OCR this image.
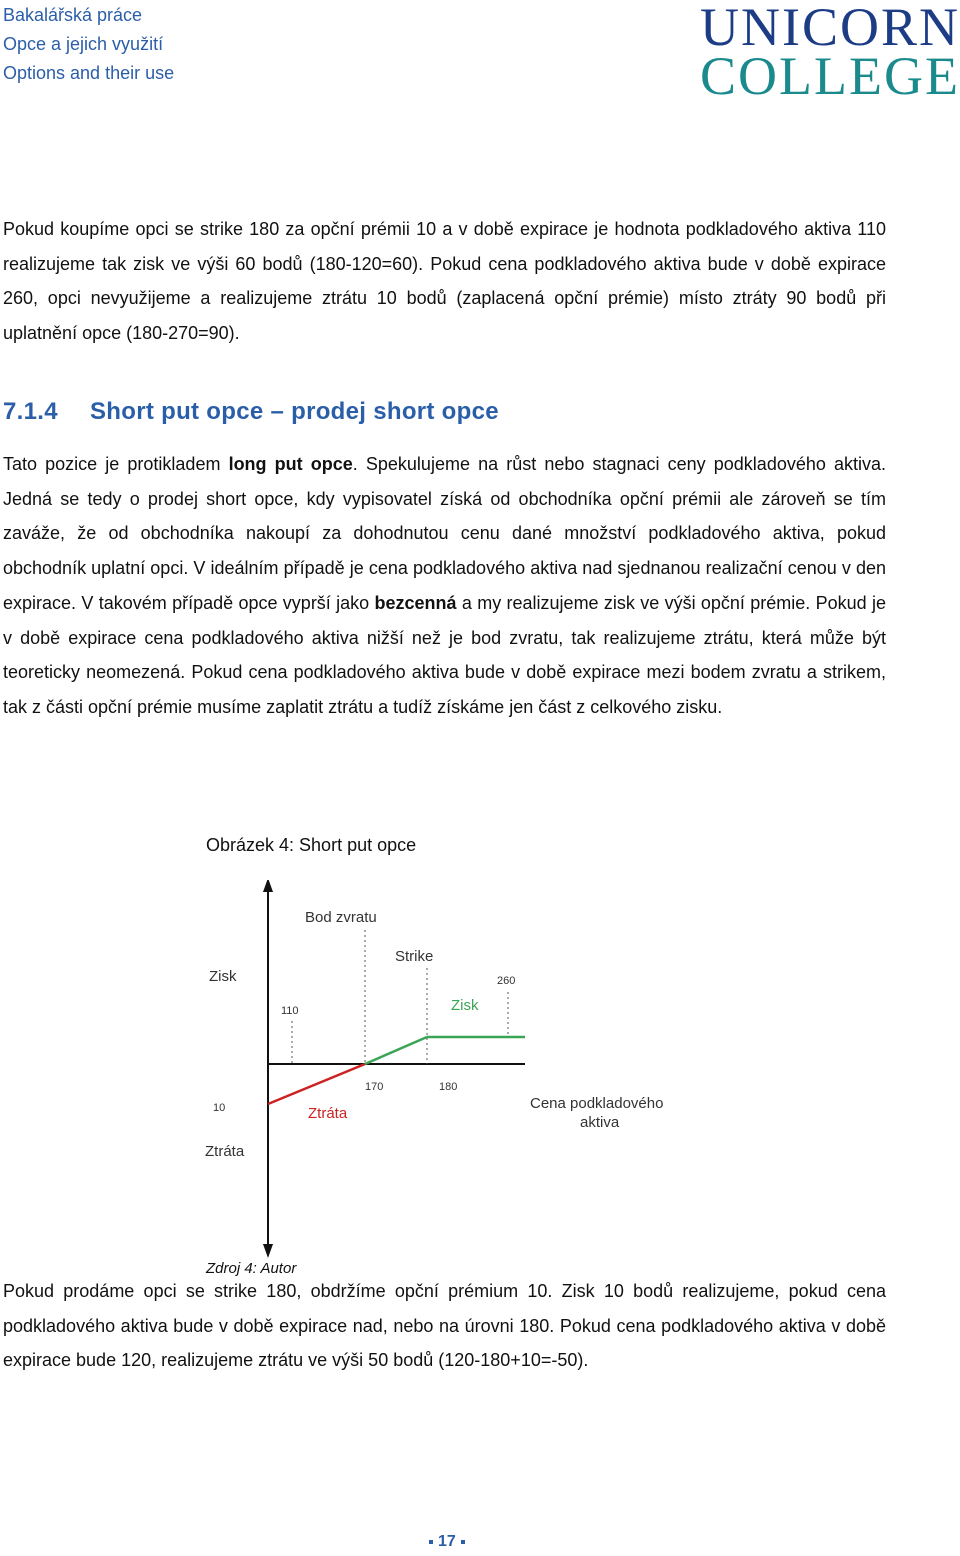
Bakalářská práce
Opce a jejich využití
Options and their use
UNICORN
COLLEGE
Pokud koupíme opci se strike 180 za opční prémii 10 a v době expirace je hodnota podkladového aktiva 110 realizujeme tak zisk ve výši 60 bodů (180-120=60). Pokud cena podkladového aktiva bude v době expirace 260, opci nevyužijeme a realizujeme ztrátu 10 bodů (zaplacená opční prémie) místo ztráty 90 bodů při uplatnění opce (180-270=90).
7.1.4 Short put opce – prodej short opce
Tato pozice je protikladem long put opce. Spekulujeme na růst nebo stagnaci ceny podkladového aktiva. Jedná se tedy o prodej short opce, kdy vypisovatel získá od obchodníka opční prémii ale zároveň se tím zaváže, že od obchodníka nakoupí za dohodnutou cenu dané množství podkladového aktiva, pokud obchodník uplatní opci. V ideálním případě je cena podkladového aktiva nad sjednanou realizační cenou v den expirace. V takovém případě opce vyprší jako bezcenná a my realizujeme zisk ve výši opční prémie. Pokud je v době expirace cena podkladového aktiva nižší než je bod zvratu, tak realizujeme ztrátu, která může být teoreticky neomezená. Pokud cena podkladového aktiva bude v době expirace mezi bodem zvratu a strikem, tak z části opční prémie musíme zaplatit ztrátu a tudíž získáme jen část z celkového zisku.
Obrázek 4: Short put opce
Bod zvratu
Strike
Zisk	260
Zisk
110
170	180
Cena podkladového
aktiva
10	Ztráta
Ztráta
Zdroj 4: Autor
Pokud prodáme opci se strike 180, obdržíme opční prémium 10. Zisk 10 bodů realizujeme, pokud cena podkladového aktiva bude v době expirace nad, nebo na úrovni 180. Pokud cena podkladového aktiva v době expirace bude 120, realizujeme ztrátu ve výši 50 bodů (120-180+10=-50).
17
